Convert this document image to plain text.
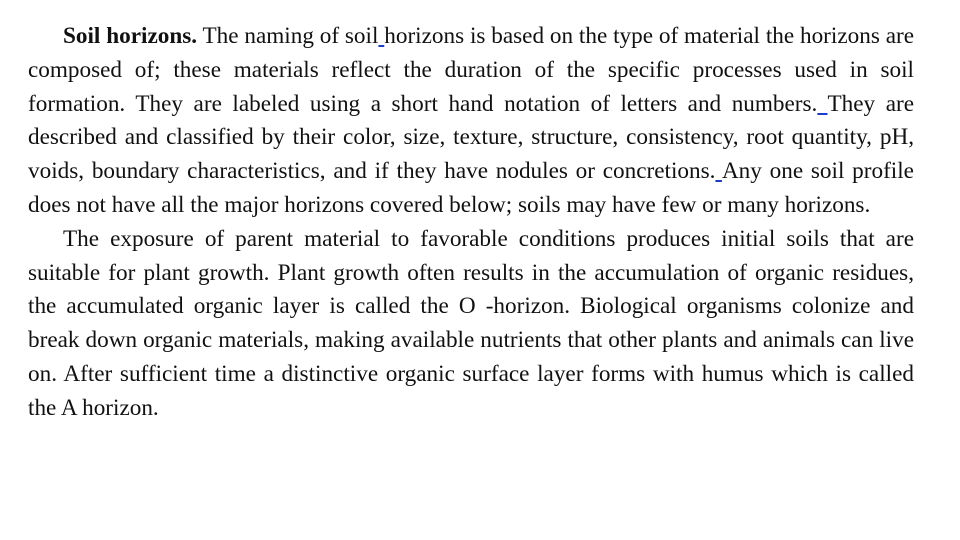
Soil horizons. The naming of soil horizons is based on the type of material the horizons are composed of; these materials reflect the duration of the specific processes used in soil formation. They are labeled using a short hand notation of letters and numbers. They are described and classified by their color, size, texture, structure, consistency, root quantity, pH, voids, boundary characteristics, and if they have nodules or concretions. Any one soil profile does not have all the major horizons covered below; soils may have few or many horizons.

The exposure of parent material to favorable conditions produces initial soils that are suitable for plant growth. Plant growth often results in the accumulation of organic residues, the accumulated organic layer is called the O -horizon. Biological organisms colonize and break down organic materials, making available nutrients that other plants and animals can live on. After sufficient time a distinctive organic surface layer forms with humus which is called the A horizon.
